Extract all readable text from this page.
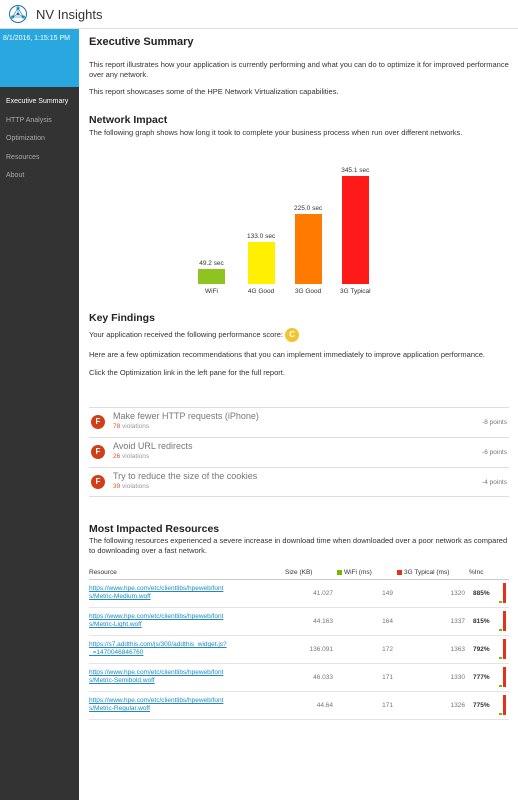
NV Insights
8/1/2016, 1:15:15 PM
Executive Summary
HTTP Analysis
Optimization
Resources
About
Executive Summary

This report illustrates how your application is currently performing and what you can do to optimize it for improved performance over any network.

This report showcases some of the HPE Network Virtualization capabilities.

Network Impact

The following graph shows how long it took to complete your business process when run over different networks.

49.2 sec
WiFi
133.0 sec
4G Good
225.0 sec
3G Good
345.1 sec
3G Typical
Key Findings

Your application received the following performance score: C

Here are a few optimization recommendations that you can implement immediately to improve application performance.

Click the Optimization link in the left pane for the full report.

F
Make fewer HTTP requests (iPhone)
78 violations
-8 points
F
Avoid URL redirects
26 violations
-6 points
F
Try to reduce the size of the cookies
39 violations
-4 points
Most Impacted Resources

The following resources experienced a severe increase in download time when downloaded over a poor network as compared to downloading over a fast network.

Resource	Size (KB)	WiFi (ms)	3G Typical (ms)	%Inc	
https://www.hpe.com/etc/clientlibs/hpeweb/font
s/Metric-Medium.woff	41.027	149	1320	885%	

https://www.hpe.com/etc/clientlibs/hpeweb/font
s/Metric-Light.woff	44.163	164	1337	815%	

https://s7.addthis.com/js/300/addthis_widget.js?
_=1470046846760	136.091	172	1363	792%	

https://www.hpe.com/etc/clientlibs/hpeweb/font
s/Metric-Semibold.woff	46.033	171	1330	777%	

https://www.hpe.com/etc/clientlibs/hpeweb/font
s/Metric-Regular.woff	44.64	171	1326	775%	
